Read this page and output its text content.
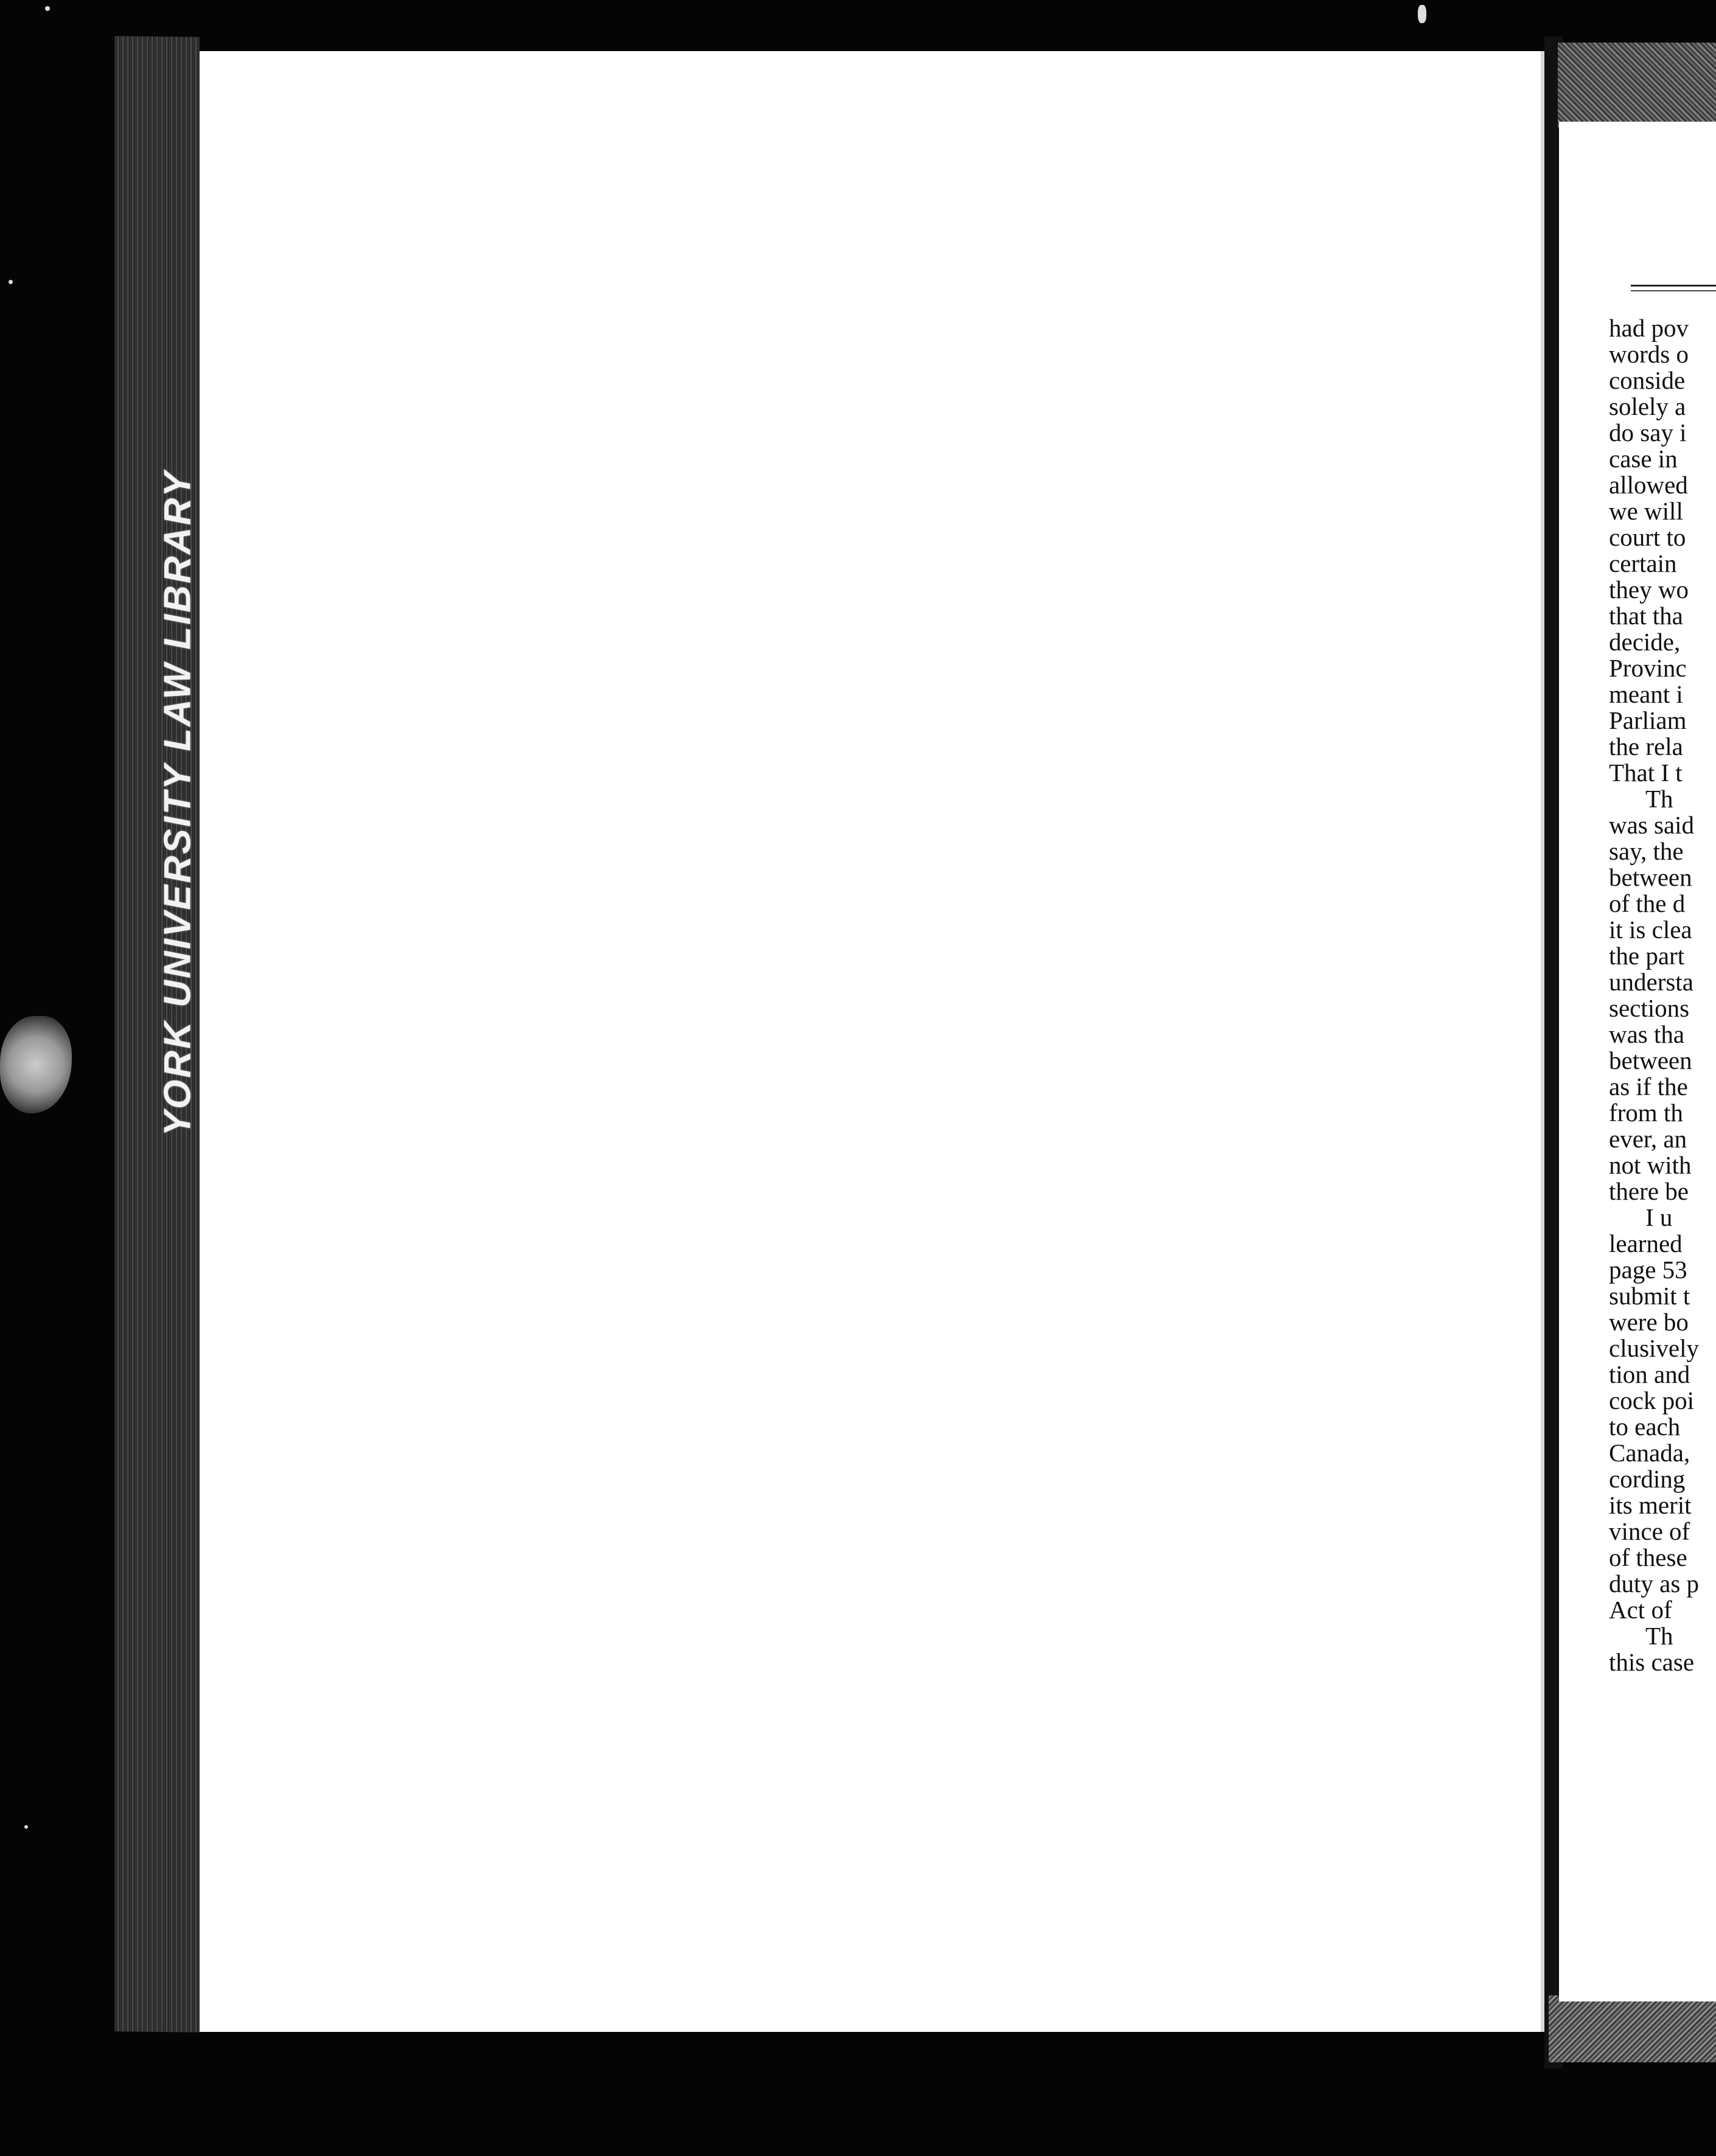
YORK UNIVERSITY LAW LIBRARY
had pov
words o
conside
solely a
do say i
case in
allowed
we will
court to
certain
they wo
that tha
decide,
Provinc
meant i
Parliam
the rela
That I t
Th
was said
say, the
between
of the d
it is clea
the part
understa
sections
was tha
between
as if the
from th
ever, an
not with
there be
I u
learned
page 53
submit t
were bo
clusively
tion and
cock poi
to each
Canada,
cording
its merit
vince of
of these
duty as p
Act of
Th
this case
